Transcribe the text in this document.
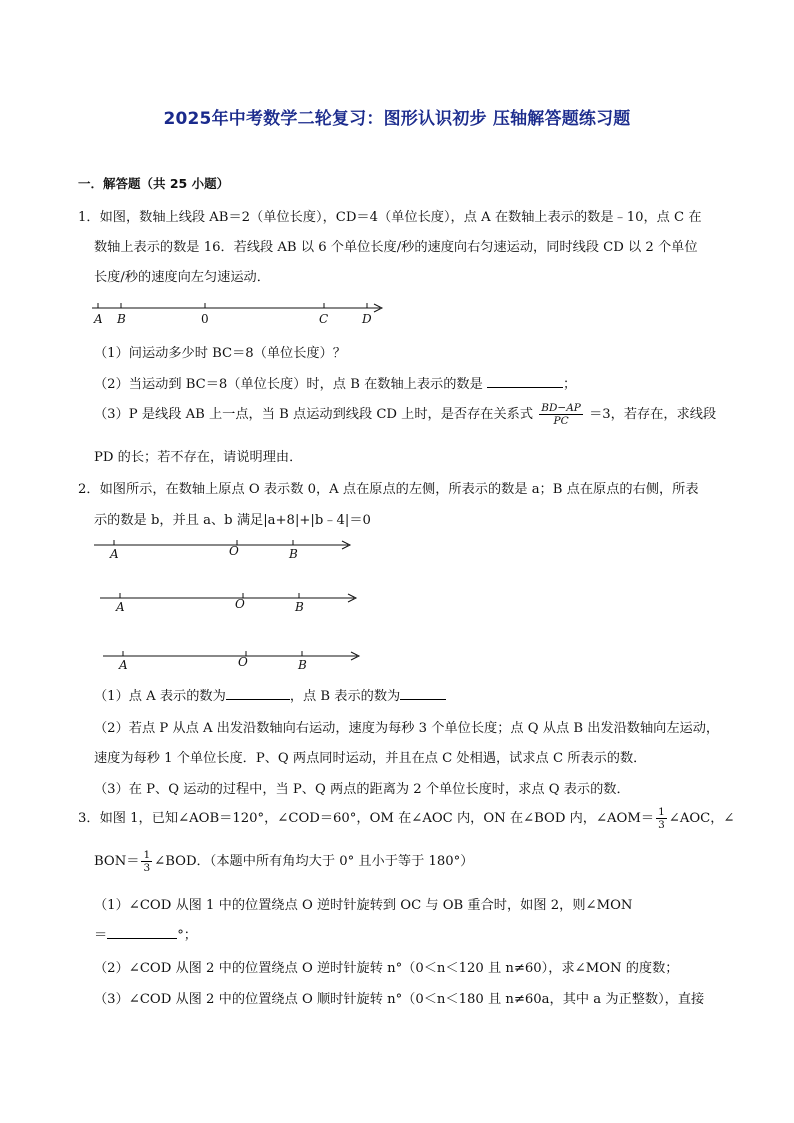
2025年中考数学二轮复习：图形认识初步 压轴解答题练习题
一．解答题（共 25 小题）
1．如图，数轴上线段 AB＝2（单位长度），CD＝4（单位长度），点 A 在数轴上表示的数是﹣10，点 C 在
数轴上表示的数是 16．若线段 AB 以 6 个单位长度/秒的速度向右匀速运动，同时线段 CD 以 2 个单位
长度/秒的速度向左匀速运动．
A B	0	C	D
（1）问运动多少时 BC＝8（单位长度）？
（2）当运动到 BC＝8（单位长度）时，点 B 在数轴上表示的数是	；
（3）P 是线段 AB 上一点，当 B 点运动到线段 CD 上时，是否存在关系式 $\frac{BD-AP}{PC} =3$，若存在，求线段
PD 的长；若不存在，请说明理由．
2．如图所示，在数轴上原点 O 表示数 0，A 点在原点的左侧，所表示的数是 a；B 点在原点的右侧，所表
示的数是 b，并且 a、b 满足|a+8|+|b﹣4|＝0
A	O	B
A	O	B
A	O	B
（1）点 A 表示的数为	，点 B 表示的数为
（2）若点 P 从点 A 出发沿数轴向右运动，速度为每秒 3 个单位长度；点 Q 从点 B 出发沿数轴向左运动，
速度为每秒 1 个单位长度．P、Q 两点同时运动，并且在点 C 处相遇，试求点 C 所表示的数．
（3）在 P、Q 运动的过程中，当 P、Q 两点的距离为 2 个单位长度时，求点 Q 表示的数．
3．如图 1，已知∠AOB＝120°，∠COD＝60°，OM 在∠AOC 内，ON 在∠BOD 内，∠AOM＝ $\frac{1}{3}$ ∠AOC，∠
$BON= \frac{1}{3}$ ∠BOD．（本题中所有角均大于 0° 且小于等于 180°）
（1）∠COD 从图 1 中的位置绕点 O 逆时针旋转到 OC 与 OB 重合时，如图 2，则∠MON
＝	°；
（2）∠COD 从图 2 中的位置绕点 O 逆时针旋转 n°（0＜n＜120 且 n≠60），求∠MON 的度数；
（3）∠COD 从图 2 中的位置绕点 O 顺时针旋转 n°（0＜n＜180 且 n≠60a，其中 a 为正整数），直接
